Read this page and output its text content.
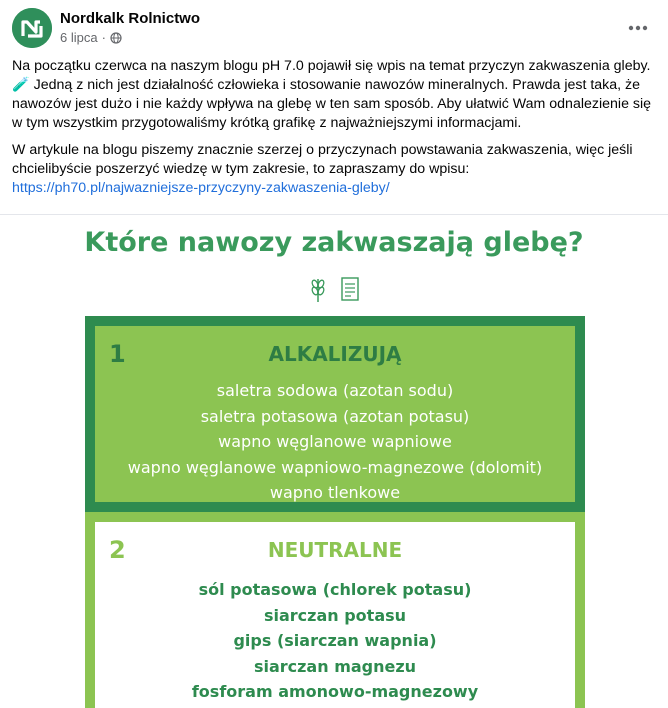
Nordkalk Rolnictwo
6 lipca ·

Na początku czerwca na naszym blogu pH 7.0 pojawił się wpis na temat przyczyn zakwaszenia gleby. 🧪 Jedną z nich jest działalność człowieka i stosowanie nawozów mineralnych. Prawda jest taka, że nawozów jest dużo i nie każdy wpływa na glebę w ten sam sposób. Aby ułatwić Wam odnalezienie się w tym wszystkim przygotowaliśmy krótką grafikę z najważniejszymi informacjami.

W artykule na blogu piszemy znacznie szerzej o przyczynach powstawania zakwaszenia, więc jeśli chcielibyście poszerzyć wiedzę w tym zakresie, to zapraszamy do wpisu:
https://ph70.pl/najwazniejsze-przyczyny-zakwaszenia-gleby/

Które nawozy zakwaszają glebę?
1	ALKALIZUJĄ
saletra sodowa (azotan sodu)
saletra potasowa (azotan potasu)
wapno węglanowe wapniowe
wapno węglanowe wapniowo-magnezowe (dolomit)
wapno tlenkowe
2	NEUTRALNE
sól potasowa (chlorek potasu)
siarczan potasu
gips (siarczan wapnia)
siarczan magnezu
fosforam amonowo-magnezowy
